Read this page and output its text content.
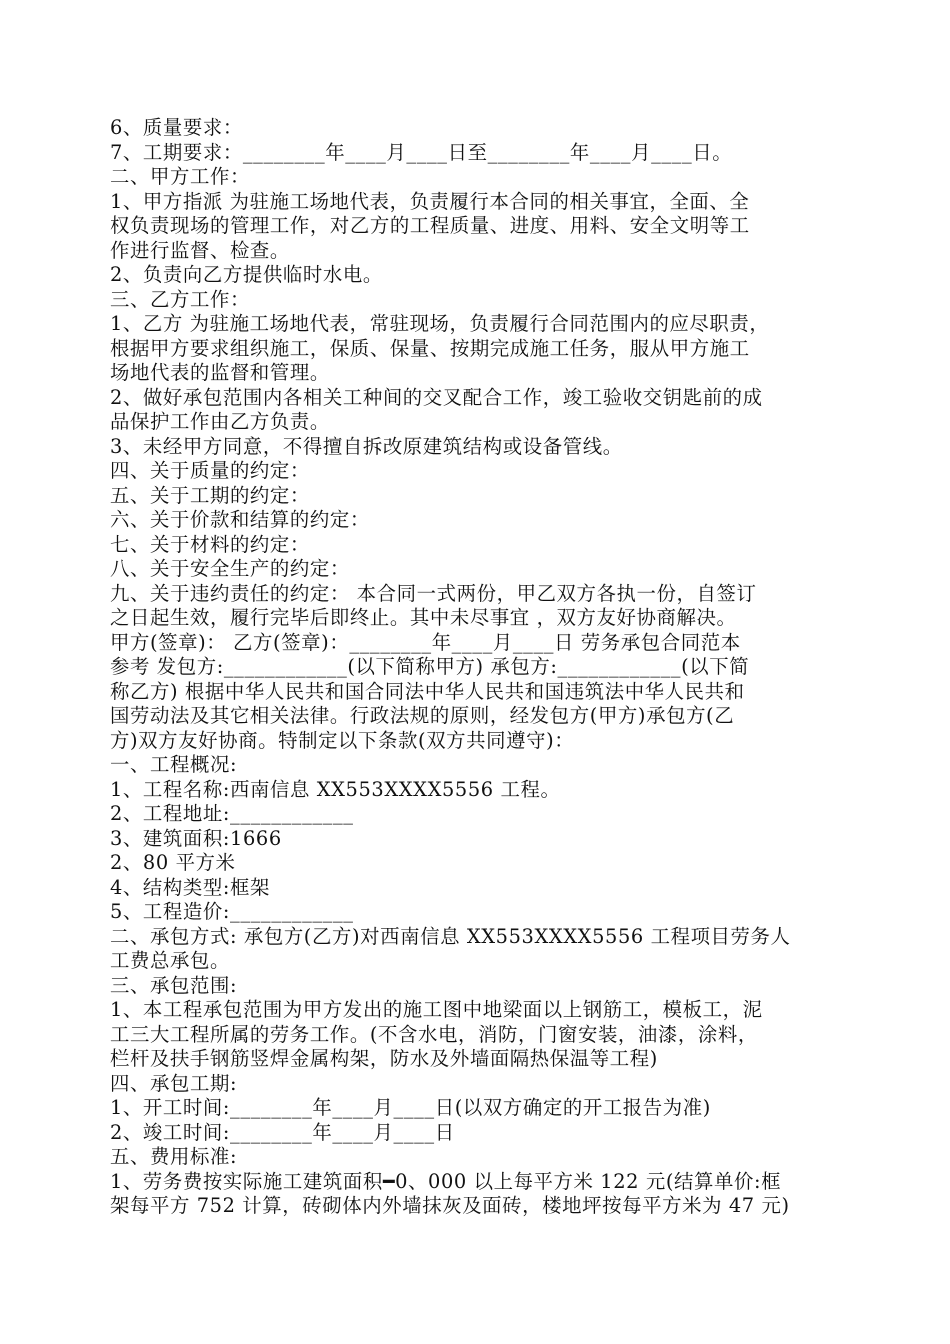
6、质量要求：
7、工期要求：________年____月____日至________年____月____日。
二、甲方工作：
1、甲方指派 为驻施工场地代表，负责履行本合同的相关事宜，全面、全
权负责现场的管理工作，对乙方的工程质量、进度、用料、安全文明等工
作进行监督、检查。
2、负责向乙方提供临时水电。
三、乙方工作：
1、乙方 为驻施工场地代表，常驻现场，负责履行合同范围内的应尽职责，
根据甲方要求组织施工，保质、保量、按期完成施工任务，服从甲方施工
场地代表的监督和管理。
2、做好承包范围内各相关工种间的交叉配合工作，竣工验收交钥匙前的成
品保护工作由乙方负责。
3、未经甲方同意，不得擅自拆改原建筑结构或设备管线。
四、关于质量的约定：
五、关于工期的约定：
六、关于价款和结算的约定：
七、关于材料的约定：
八、关于安全生产的约定：
九、关于违约责任的约定： 本合同一式两份，甲乙双方各执一份，自签订
之日起生效，履行完毕后即终止。其中未尽事宜 ，双方友好协商解决。
甲方(签章)： 乙方(签章)：________年____月____日 劳务承包合同范本
参考 发包方:____________(以下简称甲方) 承包方:____________(以下简
称乙方) 根据中华人民共和国合同法中华人民共和国违筑法中华人民共和
国劳动法及其它相关法律。行政法规的原则，经发包方(甲方)承包方(乙
方)双方友好协商。特制定以下条款(双方共同遵守)：
一、工程概况:
1、工程名称:西南信息 XX553XXXX5556 工程。
2、工程地址:____________
3、建筑面积:1666
2、80 平方米
4、结构类型:框架
5、工程造价:____________
二、承包方式: 承包方(乙方)对西南信息 XX553XXXX5556 工程项目劳务人
工费总承包。
三、承包范围:
1、本工程承包范围为甲方发出的施工图中地梁面以上钢筋工，模板工，泥
工三大工程所属的劳务工作。(不含水电，消防，门窗安装，油漆，涂料，
栏杆及扶手钢筋竖焊金属构架，防水及外墙面隔热保温等工程)
四、承包工期:
1、开工时间:________年____月____日(以双方确定的开工报告为准)
2、竣工时间:________年____月____日
五、费用标准:
1、劳务费按实际施工建筑面积━0、000 以上每平方米 122 元(结算单价:框
架每平方 752 计算，砖砌体内外墙抹灰及面砖，楼地坪按每平方米为 47 元)
